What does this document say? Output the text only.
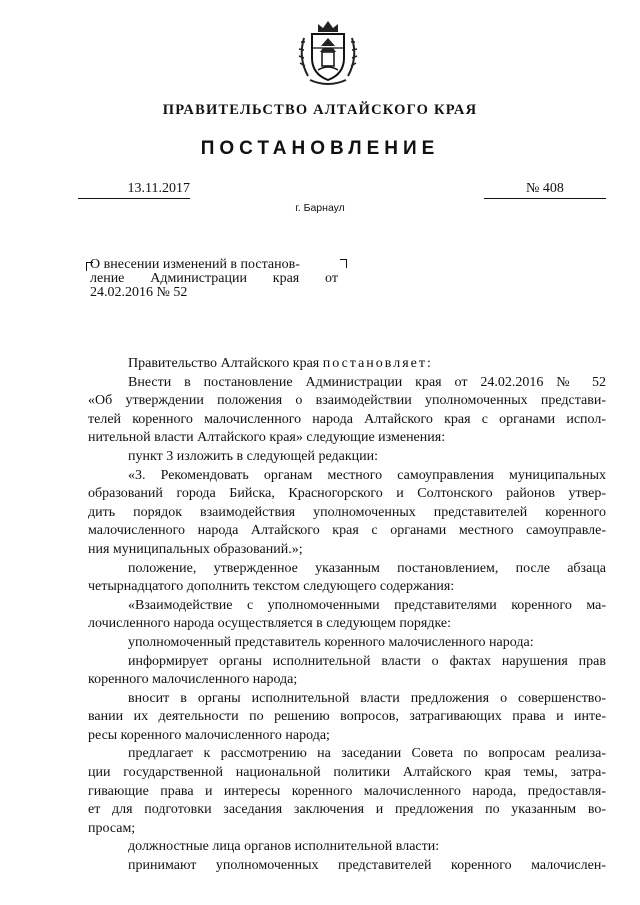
ПРАВИТЕЛЬСТВО АЛТАЙСКОГО КРАЯ
ПОСТАНОВЛЕНИЕ
13.11.2017	№ 408
г. Барнаул
О внесении изменений в постанов-
ление Администрации края от
24.02.2016 № 52
Правительство Алтайского края постановляет:
Внести в постановление Администрации края от 24.02.2016 № 52
«Об утверждении положения о взаимодействии уполномоченных представи-
телей коренного малочисленного народа Алтайского края с органами испол-
нительной власти Алтайского края» следующие изменения:
пункт 3 изложить в следующей редакции:
«3. Рекомендовать органам местного самоуправления муниципальных
образований города Бийска, Красногорского и Солтонского районов утвер-
дить порядок взаимодействия уполномоченных представителей коренного
малочисленного народа Алтайского края с органами местного самоуправле-
ния муниципальных образований.»;
положение, утвержденное указанным постановлением, после абзаца
четырнадцатого дополнить текстом следующего содержания:
«Взаимодействие с уполномоченными представителями коренного ма-
лочисленного народа осуществляется в следующем порядке:
уполномоченный представитель коренного малочисленного народа:
информирует органы исполнительной власти о фактах нарушения прав
коренного малочисленного народа;
вносит в органы исполнительной власти предложения о совершенство-
вании их деятельности по решению вопросов, затрагивающих права и инте-
ресы коренного малочисленного народа;
предлагает к рассмотрению на заседании Совета по вопросам реализа-
ции государственной национальной политики Алтайского края темы, затра-
гивающие права и интересы коренного малочисленного народа, предоставля-
ет для подготовки заседания заключения и предложения по указанным во-
просам;
должностные лица органов исполнительной власти:
принимают уполномоченных представителей коренного малочислен-
